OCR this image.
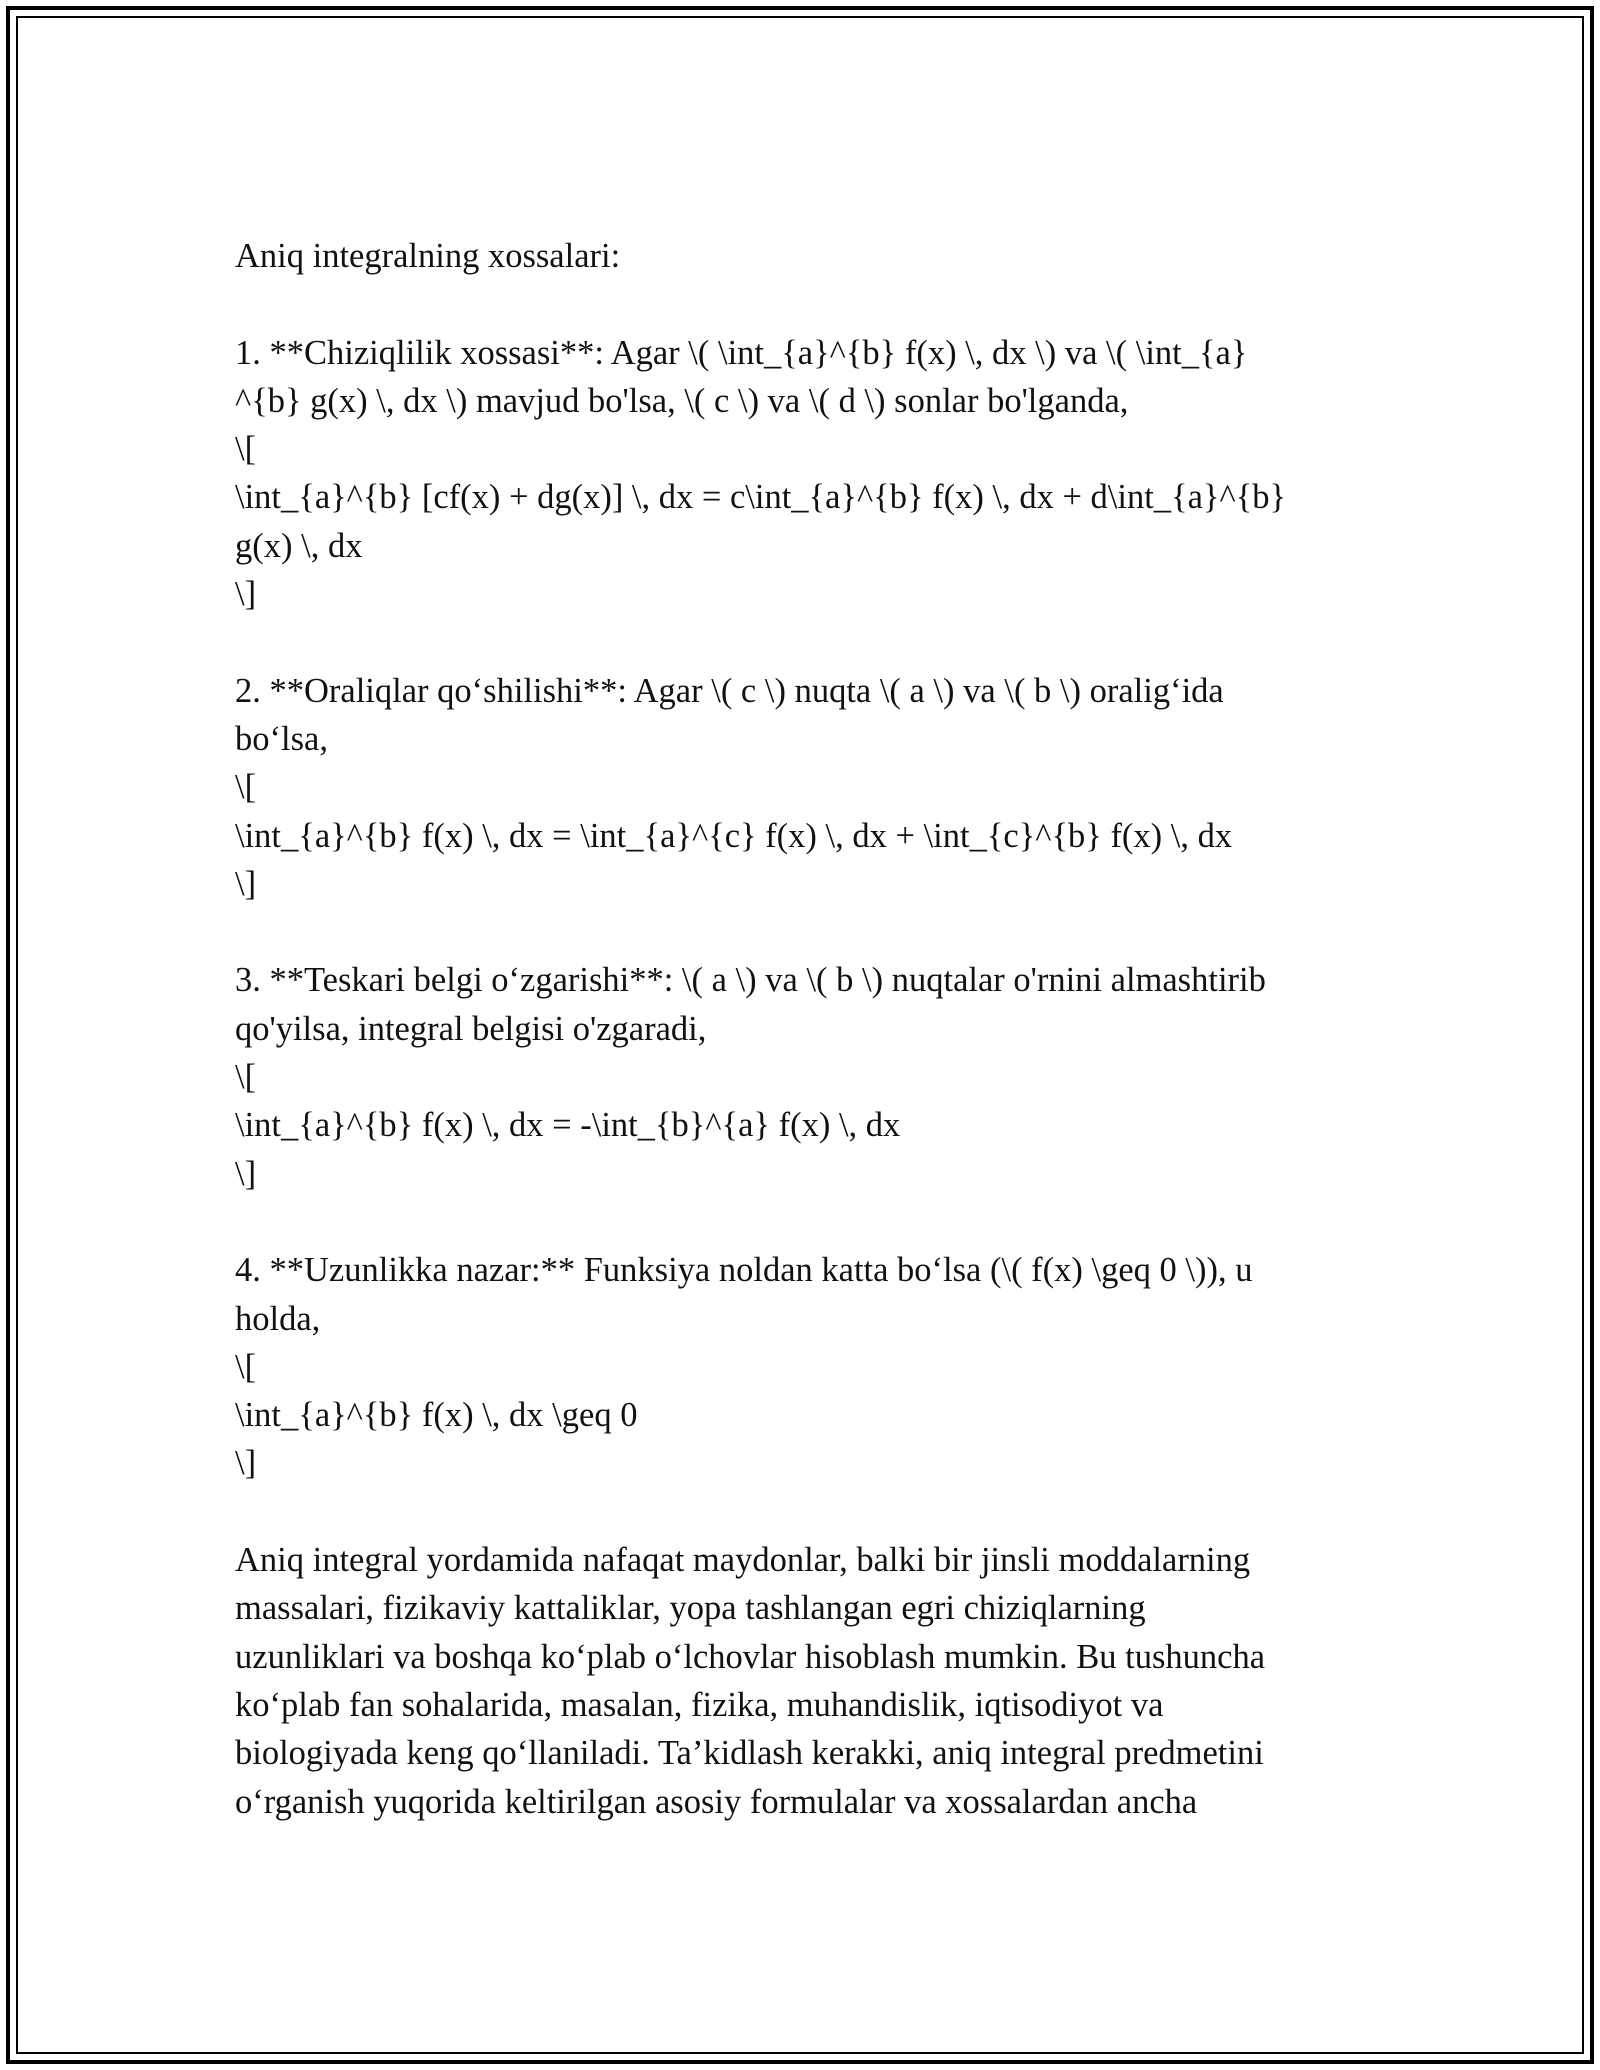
Aniq integralning xossalari:
1. **Chiziqlilik xossasi**: Agar \( \int_{a}^{b} f(x) \, dx \) va \( \int_{a}
^{b} g(x) \, dx \) mavjud bo'lsa, \( c \) va \( d \) sonlar bo'lganda,
\[
\int_{a}^{b} [cf(x) + dg(x)] \, dx = c\int_{a}^{b} f(x) \, dx + d\int_{a}^{b}
g(x) \, dx
\]
2. **Oraliqlar qo‘shilishi**: Agar \( c \) nuqta \( a \) va \( b \) oralig‘ida
bo‘lsa,
\[
\int_{a}^{b} f(x) \, dx = \int_{a}^{c} f(x) \, dx + \int_{c}^{b} f(x) \, dx
\]
3. **Teskari belgi o‘zgarishi**: \( a \) va \( b \) nuqtalar o'rnini almashtirib
qo'yilsa, integral belgisi o'zgaradi,
\[
\int_{a}^{b} f(x) \, dx = -\int_{b}^{a} f(x) \, dx
\]
4. **Uzunlikka nazar:** Funksiya noldan katta bo‘lsa (\( f(x) \geq 0 \)), u
holda,
\[
\int_{a}^{b} f(x) \, dx \geq 0
\]
Aniq integral yordamida nafaqat maydonlar, balki bir jinsli moddalarning
massalari, fizikaviy kattaliklar, yopa tashlangan egri chiziqlarning
uzunliklari va boshqa ko‘plab o‘lchovlar hisoblash mumkin. Bu tushuncha
ko‘plab fan sohalarida, masalan, fizika, muhandislik, iqtisodiyot va
biologiyada keng qo‘llaniladi. Ta’kidlash kerakki, aniq integral predmetini
o‘rganish yuqorida keltirilgan asosiy formulalar va xossalardan ancha
